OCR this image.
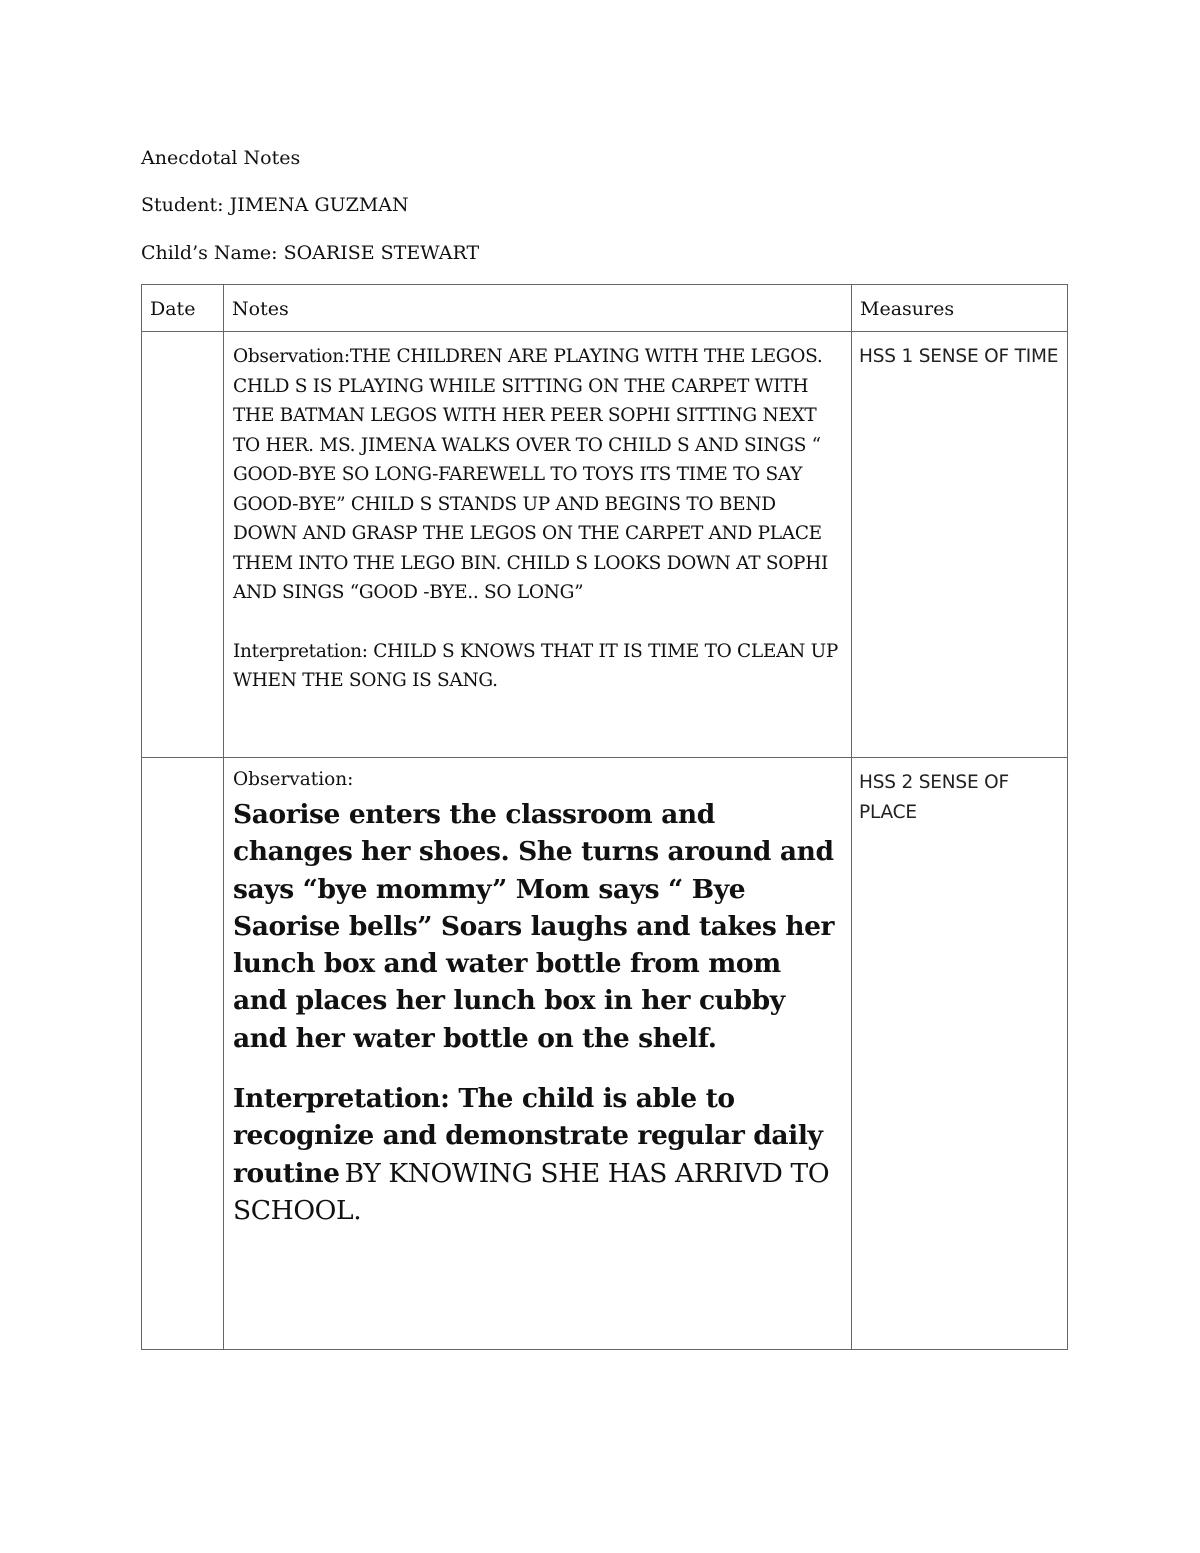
Anecdotal Notes
Student: JIMENA GUZMAN
Child’s Name: SOARISE STEWART
Date	Notes	Measures

	Observation:THE CHILDREN ARE PLAYING WITH THE LEGOS. CHLD S IS PLAYING WHILE SITTING ON THE CARPET WITH THE BATMAN LEGOS WITH HER PEER SOPHI SITTING NEXT TO HER. MS. JIMENA WALKS OVER TO CHILD S AND SINGS “ GOOD-BYE SO LONG-FAREWELL TO TOYS ITS TIME TO SAY GOOD-BYE” CHILD S STANDS UP AND BEGINS TO BEND DOWN AND GRASP THE LEGOS ON THE CARPET AND PLACE THEM INTO THE LEGO BIN. CHILD S LOOKS DOWN AT SOPHI AND SINGS “GOOD -BYE.. SO LONG”
Interpretation: CHILD S KNOWS THAT IT IS TIME TO CLEAN UP WHEN THE SONG IS SANG.	HSS 1 SENSE OF TIME

	Observation:
Saorise enters the classroom and changes her shoes. She turns around and says “bye mommy” Mom says “ Bye Saorise bells” Soars laughs and takes her lunch box and water bottle from mom and places her lunch box in her cubby and her water bottle on the shelf.
Interpretation: The child is able to recognize and demonstrate regular daily routine BY KNOWING SHE HAS ARRIVD TO SCHOOL.	HSS 2 SENSE OF PLACE
